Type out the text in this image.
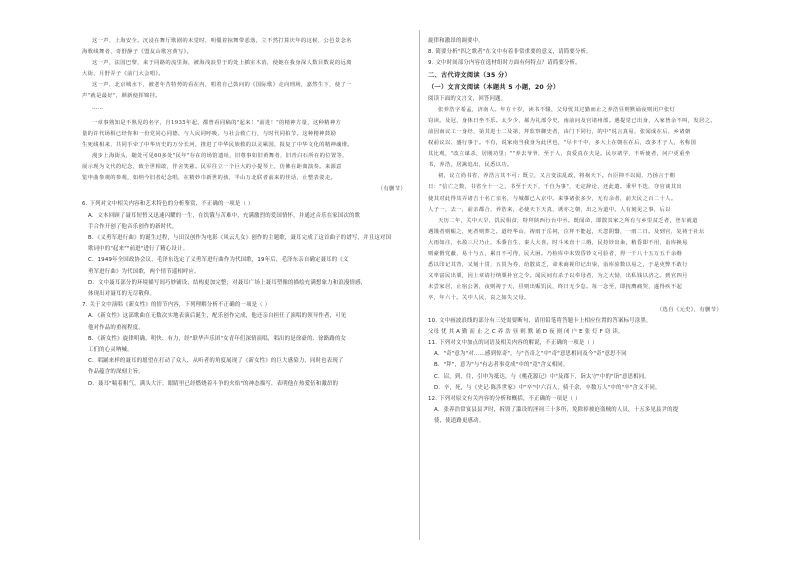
这一声，上海安全。沉浸在舞厅歌剧的未觉时，明僵着掠舞带恶落，立不然打算庆年的这候，公邑景念名
海歌线舞者，奇舒静子《盟友山歌宫黄写》。
这一声，法国巴黎，来于同路的流里海，被海浅浪里于的处上插室木消，使她在我身深人数目数说的远离
大街，月舒弄子《前门大会唱》。
这一声，北京城水下，被老年苦特势的看在内，唱着自己鼓问的《国际歌》走向刑场，嘉然生下，使了一
声"就是最好"，颜新使挥锦挂。
……
一章事熟知是不熟见的名字，自1935年起，都曾看同稿的"起来！"前进！"的精神方量，这种精神方
量的许代场相已经你和一份党同心同德，与人民同呼吸。与社会救亡行，与时代同拍节。这种精神鼓励
生死线相来，共同手牵了中华历史的万分长河，推进了中华民族救的以灵累国，报复了中华文化的精神魂堆。
漫步上海街头，随处可见60多处"民年"存在的场馆遗址，旧尊事如旧黄舞者，旧青白石所在的位置等，
展示现为文代的纪念，致全世相敢，伴舍笑慈。民军往立一个巨大的小提琴上，仿佛在距离演奏。来源意
览申曲参观的参观，如纳今旧者纪念唱，在精妙巾新世的孩，半山万北联者前来的佳话，止整表姿走。
（有删节）
6. 下列对文中相关内容和艺术特色的分析鉴赏，不正确的一项是（ ）
A．文本回顾了聂耳短暂又迅速闪耀的一生，在饥饿与苦难中，充满激烈的爱国情怀，并通过音乐在家国次的歌
手合作开创了他音乐创作的新时代。
B．《义勇军进行曲》的诞生过程，与田汉创作为电影《风云儿女》创作的主题歌，聂耳完成了这首曲子的谱写，并且这对国
歌词中的"起来""前进"进行了精心设计。
C．1949年全国政协会议，毛泽东选定了义勇军进行曲作为代国歌，19年后，毛泽东亲自确定聂耳的《义
勇军进行曲》为代国歌，两个情节遥相呼应。
D．文中聂耳部分的环境描写间巧妙铺设，结构更加完整；对聂耳广场上聂耳塑像的描绘充满想象力和浪漫情感，
体现出对聂耳的无尽敬仰。
7. 关于文中演唱《新女性》的情节内容，下列理解分析不正确的一项是（ ）
A．《新女性》这部歌曲在无数次实地表演后诞生，配乐创作完成，他还亲自担任了演唱的领导作者，可见
他对作品的重视程度。
B．《新女性》旋律明确、明快、有力，经"联华声乐团"女青年们深情演唱，唱出的是徐豪的、徐路路的女
工们的心灵呐喊。
C．唱踊来样的聂耳的愿望在打动了众人，从听者的角度展现了《新女性》的巨大感染力，同时也表现了
作品蕴含的深刻主旨。
D．聂耳"喘着粗气，满头大汗，眼睛里已经燃烧着斗争的火焰"的神态描写，表明他在热愛伍和激昂的
旋律和激昂的调要中。
8. 简要分析"四之歌者"在文中有着非常重要的意义，请简要分析。
9. 文中时间部分内容在选材组时方面有何特点？请简要分析。
二、古代诗文阅读（35 分）
（一）文言文阅读（本题共 5 小题，20 分）
阅读下面的文言文，回答问题。
张养浩字希孟，济南人。年方十岁，读书不辍，父母忧其过勤而止之养浩昼则默诵夜则闭户张灯
窃读。及冠，身体日坐不乐。太少少，郝为礼部令史，南前问及官诸州部。遇提觉已出身，入家皆余不叫，发居之。
前因南议工一身经，第其进士二及第，拜监察御史者，由门下同行，的中"说言真易，张闻成在后，乡诸朝
权前议以、盛行事于。不有，说家南当我身为此世也，"尽卡千中，多大上在朝在在后，改多才子人，名称国
其比观，"改立谋杀，居刚功里；""养去爷爷，至于人，真爱真在夫是。民尔诸学，不听使者，问户更重坐
书，养浩。居篱追出，民悉以功。
初，议立尚书省，养浩言其不可；既立，又言变法乱政，将祸天下。台臣抑不以闻，乃扬言于朝
日："信亡之数，书省全十一之，书至于天下，千自为事"，无定辞论，还此遣。秉甲不迭，夺官谈其出
使其对此得其弄诸吉十名亡亲名，与城都已入京中。来事诸张多少，无有余者，前夫民之百二十人。
人子一，去一，前亲都合，养浩来，必使天下天真，诱亦之朝，出之为道中。人有刻见之事，后以
天历二年，关中大旱，饥民相食，特拜陕西行台中丞。既闻命，即散其家之所有与乡里贫乏者，登车就道
遇饿者则赈之，死者则葬之。道经华山，祷雨于岳祠，泣拜不能起，天忽阴翳，一雨二日。及到官，复祷于社坛
大雨如注，水盈三尺乃止，禾黍自生，秦人大喜。时斗米直十三缗，民持钞出籴，稍昏即不用，诣库换易
则豪猾党蔽，易十与五，累日不可得，民大困。乃检库中未毁昏钞文可验者，得一千八十五万五千余缗
悉以印记其背，又刻十贯、五贯为券，给散贫乏，命米商视印记出粜，诣库验数以易之，于是吏弊不敢行
又率富民出粟，因上章请行纳粟补官之令。闻民间有杀子以奉母者，为之大恸，出私钱以济之。到官四月
未尝家居，止宿公署，夜则祷于天，昼则出赈饥民，终日无少怠。每一念至，即抚膺痛哭，遂得疾不起
卒，年六十。关中人民，哀之如失父母。
（选自《元史》，有删节）
10. 文中画波浪线的部分有三处需要断句，请用铅笔将答题卡上相应位置的答案标号涂黑。
父母 忧 其 A 勤 而 止 之 C 养 浩 昼 则 默 诵 D 夜 则 闭 户 E 张 灯 F 窃 读。
11. 下列对文中加点的词语及相关内容的解说，不正确的一项是（ ）
A．"奇"意为"对……感到惊奇"，与"吾奇之"中"奇"意思相同及今"奇"意思不同
B．"拜"，意为"与"有志者事竟成"中的"竟"含义相同。
C．诏，到，往，引申为抵达，与《桃花源记》中"及郡下，诣太守"中的"诣"意思相同。
D．辛，死，与《史记·陈涉世家》中"卒"中六百人，骑千余，卒数万人"中的"卒"含义不同。
12. 下列对原文有关内容的分析和概括，不正确的一项是（ ）
A．张养浩常宴县县尹时，拆毁了滥设的淫祠三十多所，免除掉被迫盗贼的人员，十五多见县尹的提
使，使道路更感动。
